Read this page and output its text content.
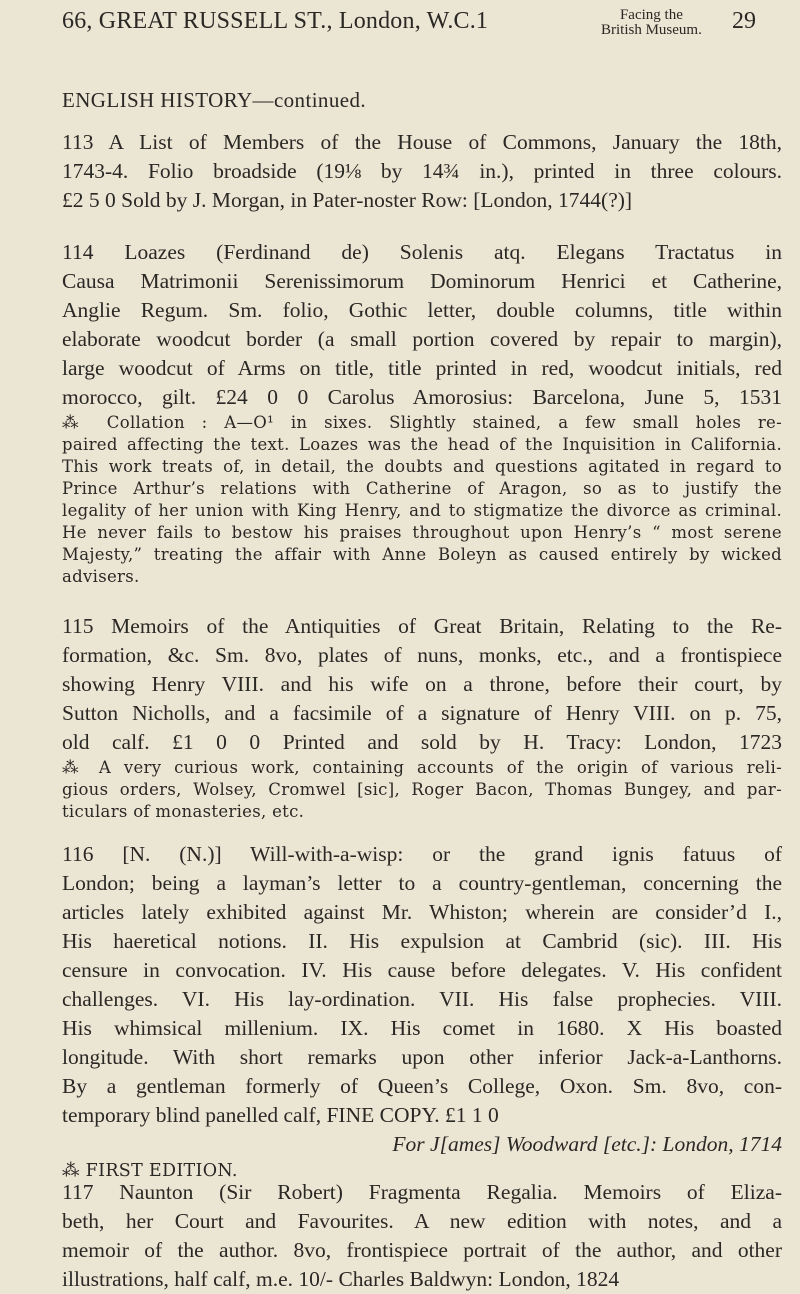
66, GREAT RUSSELL ST., London, W.C.1	Facing the
British Museum. 29
ENGLISH HISTORY—continued.
113 A List of Members of the House of Commons, January the 18th,
1743-4. Folio broadside (19⅛ by 14¾ in.), printed in three colours.
£2 5 0 Sold by J. Morgan, in Pater-noster Row: [London, 1744(?)]
114 Loazes (Ferdinand de) Solenis atq. Elegans Tractatus in
Causa Matrimonii Serenissimorum Dominorum Henrici et Catherine,
Anglie Regum. Sm. folio, Gothic letter, double columns, title within
elaborate woodcut border (a small portion covered by repair to margin),
large woodcut of Arms on title, title printed in red, woodcut initials, red
morocco, gilt. £24 0 0 Carolus Amorosius: Barcelona, June 5, 1531
⁂ Collation : A—O¹ in sixes. Slightly stained, a few small holes re-
paired affecting the text. Loazes was the head of the Inquisition in California.
This work treats of, in detail, the doubts and questions agitated in regard to
Prince Arthur’s relations with Catherine of Aragon, so as to justify the
legality of her union with King Henry, and to stigmatize the divorce as criminal.
He never fails to bestow his praises throughout upon Henry’s “ most serene
Majesty,” treating the affair with Anne Boleyn as caused entirely by wicked
advisers.
115 Memoirs of the Antiquities of Great Britain, Relating to the Re-
formation, &c. Sm. 8vo, plates of nuns, monks, etc., and a frontispiece
showing Henry VIII. and his wife on a throne, before their court, by
Sutton Nicholls, and a facsimile of a signature of Henry VIII. on p. 75,
old calf. £1 0 0 Printed and sold by H. Tracy: London, 1723
⁂ A very curious work, containing accounts of the origin of various reli-
gious orders, Wolsey, Cromwel [sic], Roger Bacon, Thomas Bungey, and par-
ticulars of monasteries, etc.
116 [N. (N.)] Will-with-a-wisp: or the grand ignis fatuus of
London; being a layman’s letter to a country-gentleman, concerning the
articles lately exhibited against Mr. Whiston; wherein are consider’d I.,
His haeretical notions. II. His expulsion at Cambrid (sic). III. His
censure in convocation. IV. His cause before delegates. V. His confident
challenges. VI. His lay-ordination. VII. His false prophecies. VIII.
His whimsical millenium. IX. His comet in 1680. X His boasted
longitude. With short remarks upon other inferior Jack-a-Lanthorns.
By a gentleman formerly of Queen’s College, Oxon. Sm. 8vo, con-
temporary blind panelled calf, FINE COPY. £1 1 0
For J[ames] Woodward [etc.]: London, 1714
⁂ FIRST EDITION.
117 Naunton (Sir Robert) Fragmenta Regalia. Memoirs of Eliza-
beth, her Court and Favourites. A new edition with notes, and a
memoir of the author. 8vo, frontispiece portrait of the author, and other
illustrations, half calf, m.e. 10/- Charles Baldwyn: London, 1824
